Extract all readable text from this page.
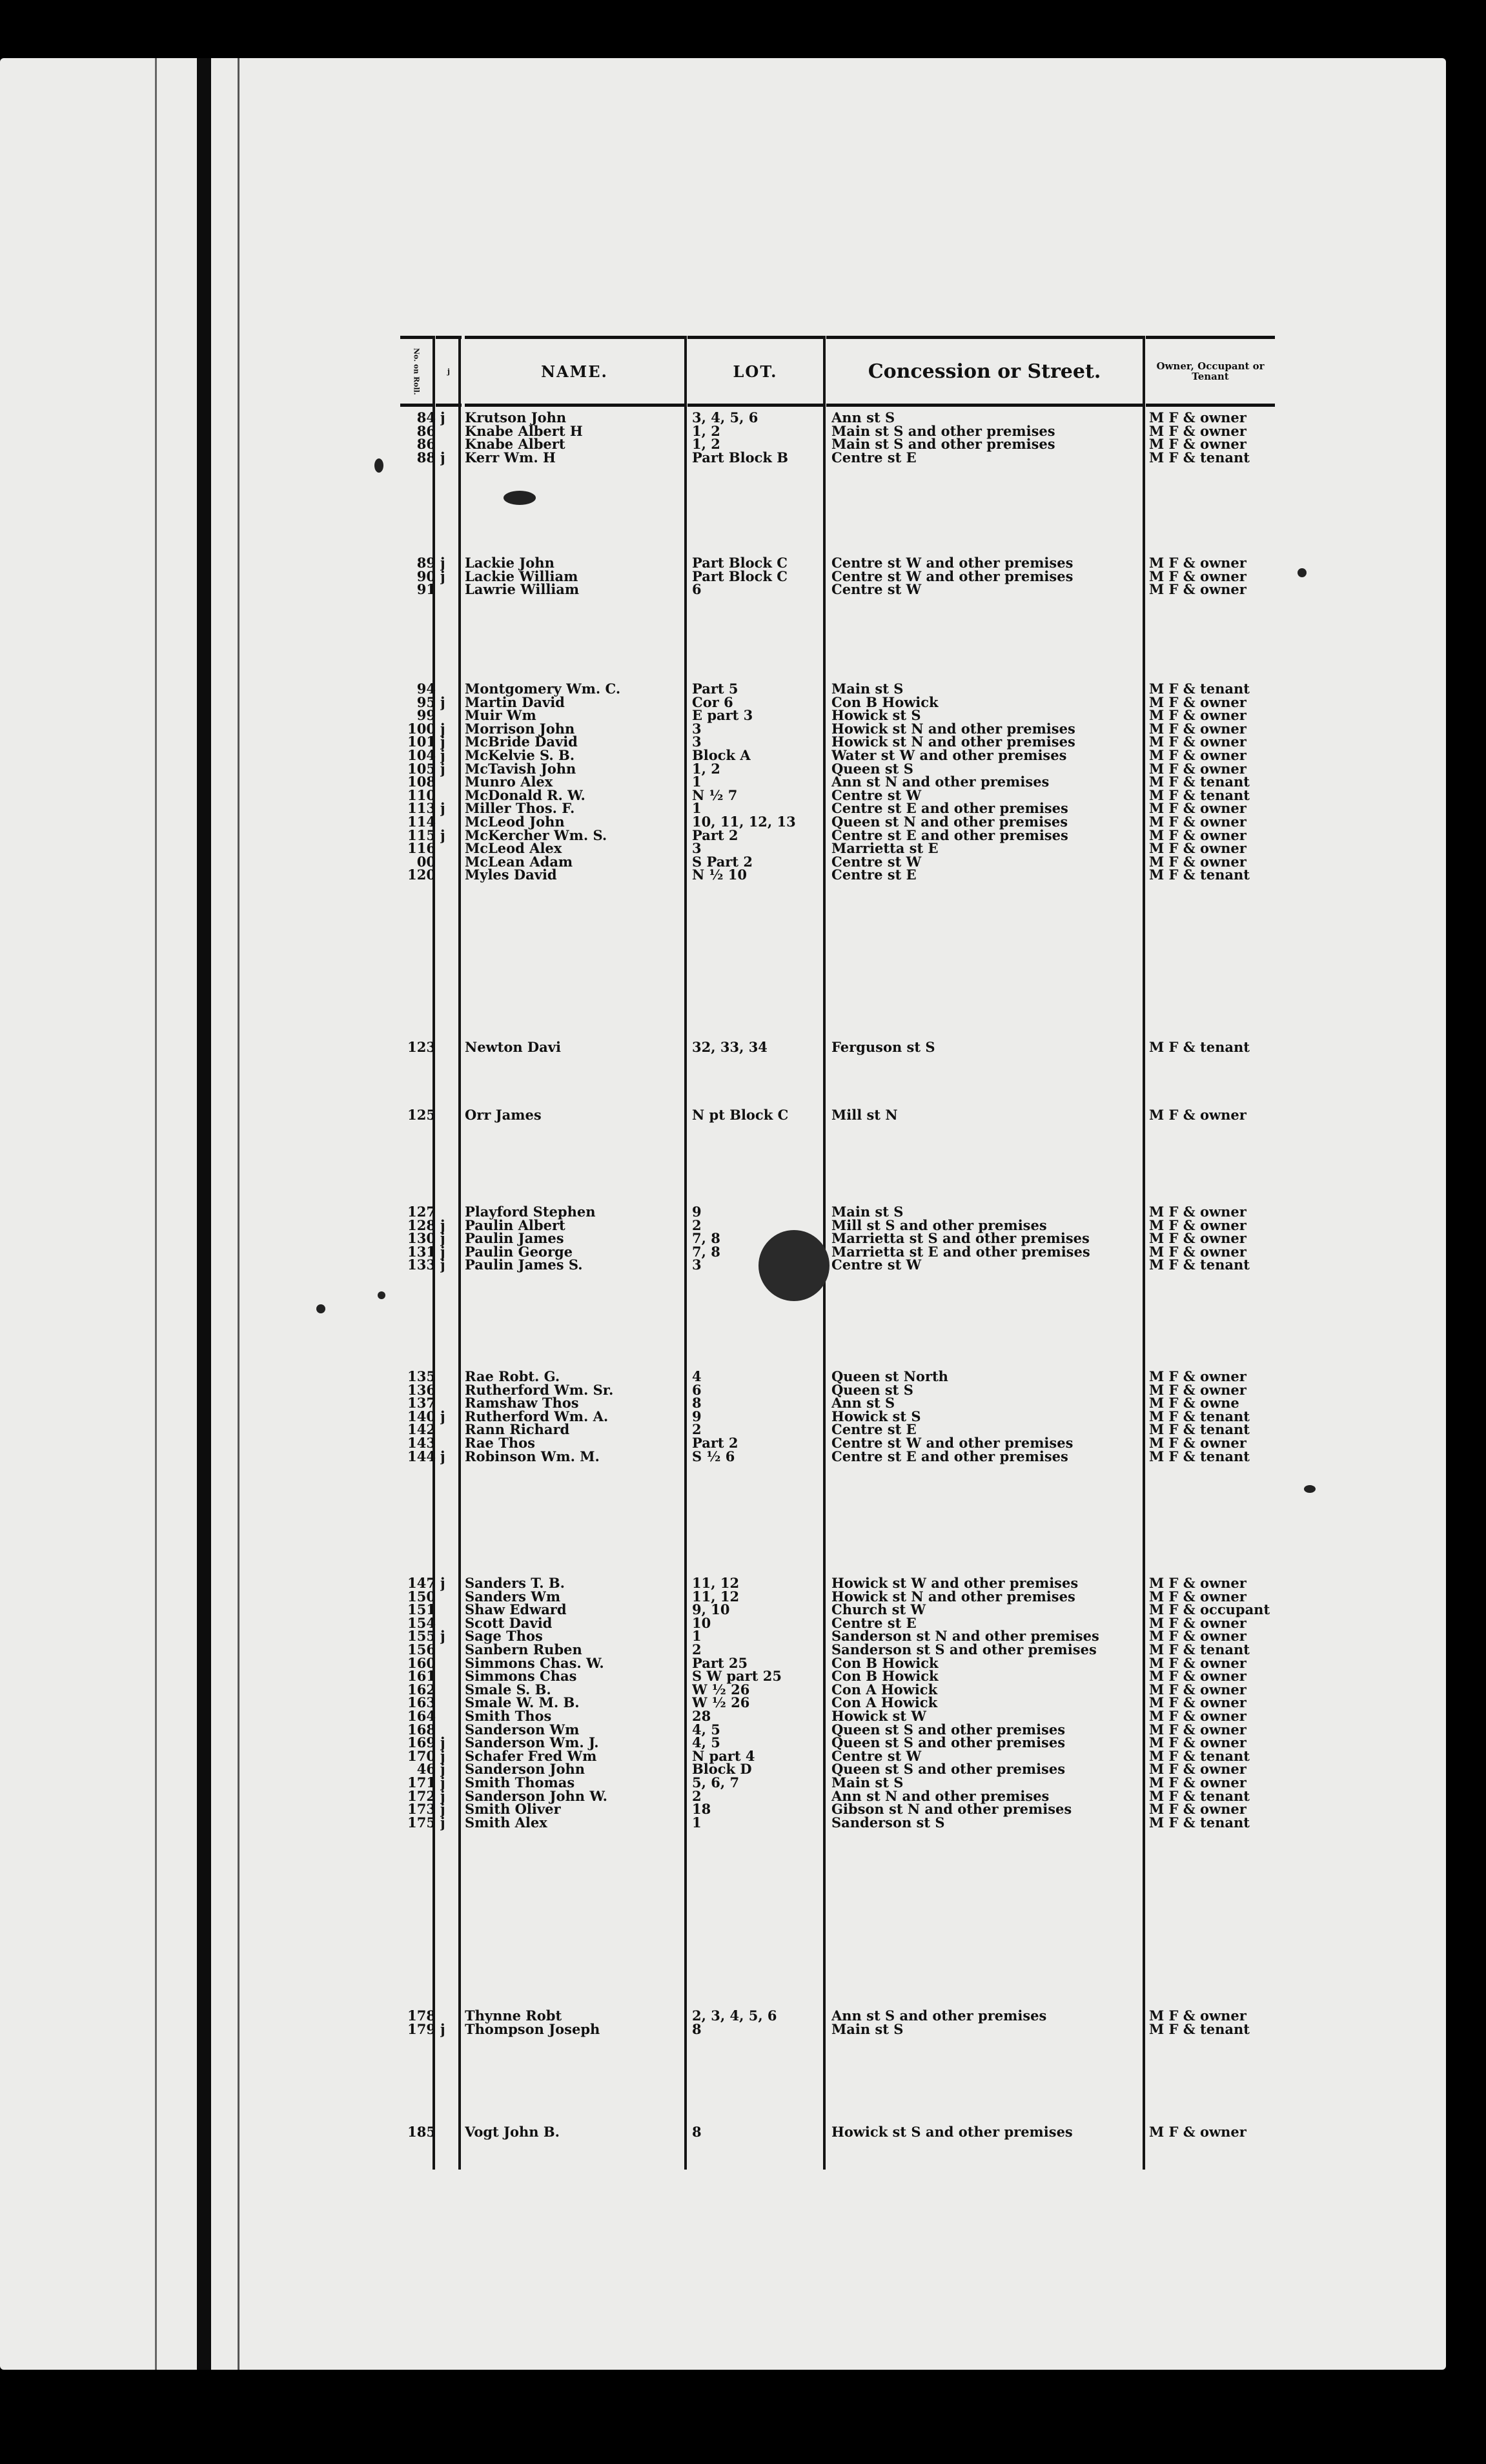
No. on Roll.	j	NAME.	LOT.	Concession or Street.	Owner, Occupant or Tenant
84 j	Krutson John	3, 4, 5, 6	Ann st S	M F & owner
86 Knabe Albert H	1, 2	Main st S and other premises	M F & owner
86 Knabe Albert	1, 2	Main st S and other premises	M F & owner
88 j	Kerr Wm. H	Part Block B	Centre st E	M F & tenant
89 j	Lackie John	Part Block C	Centre st W and other premises	M F & owner
90 j	Lackie William	Part Block C	Centre st W and other premises	M F & owner
91 Lawrie William	6	Centre st W	M F & owner
94 Montgomery Wm. C.	Part 5	Main st S	M F & tenant
95 j	Martin David	Cor 6	Con B Howick	M F & owner
99 Muir Wm	E part 3	Howick st S	M F & owner
100 j	Morrison John	3	Howick st N and other premises	M F & owner
101 j	McBride David	3	Howick st N and other premises	M F & owner
104 j	McKelvie S. B.	Block A	Water st W and other premises	M F & owner
105 j	McTavish John	1, 2	Queen st S	M F & owner
108 Munro Alex	1	Ann st N and other premises	M F & tenant
110 McDonald R. W.	N ½ 7	Centre st W	M F & tenant
113 j	Miller Thos. F.	1	Centre st E and other premises	M F & owner
114 McLeod John	10, 11, 12, 13	Queen st N and other premises	M F & owner
115 j	McKercher Wm. S.	Part 2	Centre st E and other premises	M F & owner
116 McLeod Alex	3	Marrietta st E	M F & owner
00 McLean Adam	S Part 2	Centre st W	M F & owner
120 Myles David	N ½ 10	Centre st E	M F & tenant
123 Newton Davi	32, 33, 34	Ferguson st S	M F & tenant
125 Orr James	N pt Block C	Mill st N	M F & owner
127 Playford Stephen	9	Main st S	M F & owner
128 j	Paulin Albert	2	Mill st S and other premises	M F & owner
130 j	Paulin James	7, 8	Marrietta st S and other premises	M F & owner
131 j	Paulin George	7, 8	Marrietta st E and other premises	M F & owner
133 j	Paulin James S.	3	Centre st W	M F & tenant
135 Rae Robt. G.	4	Queen st North	M F & owner
136 Rutherford Wm. Sr.	6	Queen st S	M F & owner
137 Ramshaw Thos	8	Ann st S	M F & owne
140 j	Rutherford Wm. A.	9	Howick st S	M F & tenant
142 Rann Richard	2	Centre st E	M F & tenant
143 Rae Thos	Part 2	Centre st W and other premises	M F & owner
144 j	Robinson Wm. M.	S ½ 6	Centre st E and other premises	M F & tenant
147 j	Sanders T. B.	11, 12	Howick st W and other premises	M F & owner
150 Sanders Wm	11, 12	Howick st N and other premises	M F & owner
151 Shaw Edward	9, 10	Church st W	M F & occupant
154 Scott David	10	Centre st E	M F & owner
155 j	Sage Thos	1	Sanderson st N and other premises	M F & owner
156 Sanbern Ruben	2	Sanderson st S and other premises	M F & tenant
160 Simmons Chas. W.	Part 25	Con B Howick	M F & owner
161 Simmons Chas	S W part 25	Con B Howick	M F & owner
162 Smale S. B.	W ½ 26	Con A Howick	M F & owner
163 Smale W. M. B.	W ½ 26	Con A Howick	M F & owner
164 Smith Thos	28	Howick st W	M F & owner
168 Sanderson Wm	4, 5	Queen st S and other premises	M F & owner
169 j	Sanderson Wm. J.	4, 5	Queen st S and other premises	M F & owner
170 j	Schafer Fred Wm	N part 4	Centre st W	M F & tenant
46 j	Sanderson John	Block D	Queen st S and other premises	M F & owner
171 j	Smith Thomas	5, 6, 7	Main st S	M F & owner
172 j	Sanderson John W.	2	Ann st N and other premises	M F & tenant
173 j	Smith Oliver	18	Gibson st N and other premises	M F & owner
175 j	Smith Alex	1	Sanderson st S	M F & tenant
178 Thynne Robt	2, 3, 4, 5, 6	Ann st S and other premises	M F & owner
179 j	Thompson Joseph	8	Main st S	M F & tenant
185 Vogt John B.	8	Howick st S and other premises	M F & owner
